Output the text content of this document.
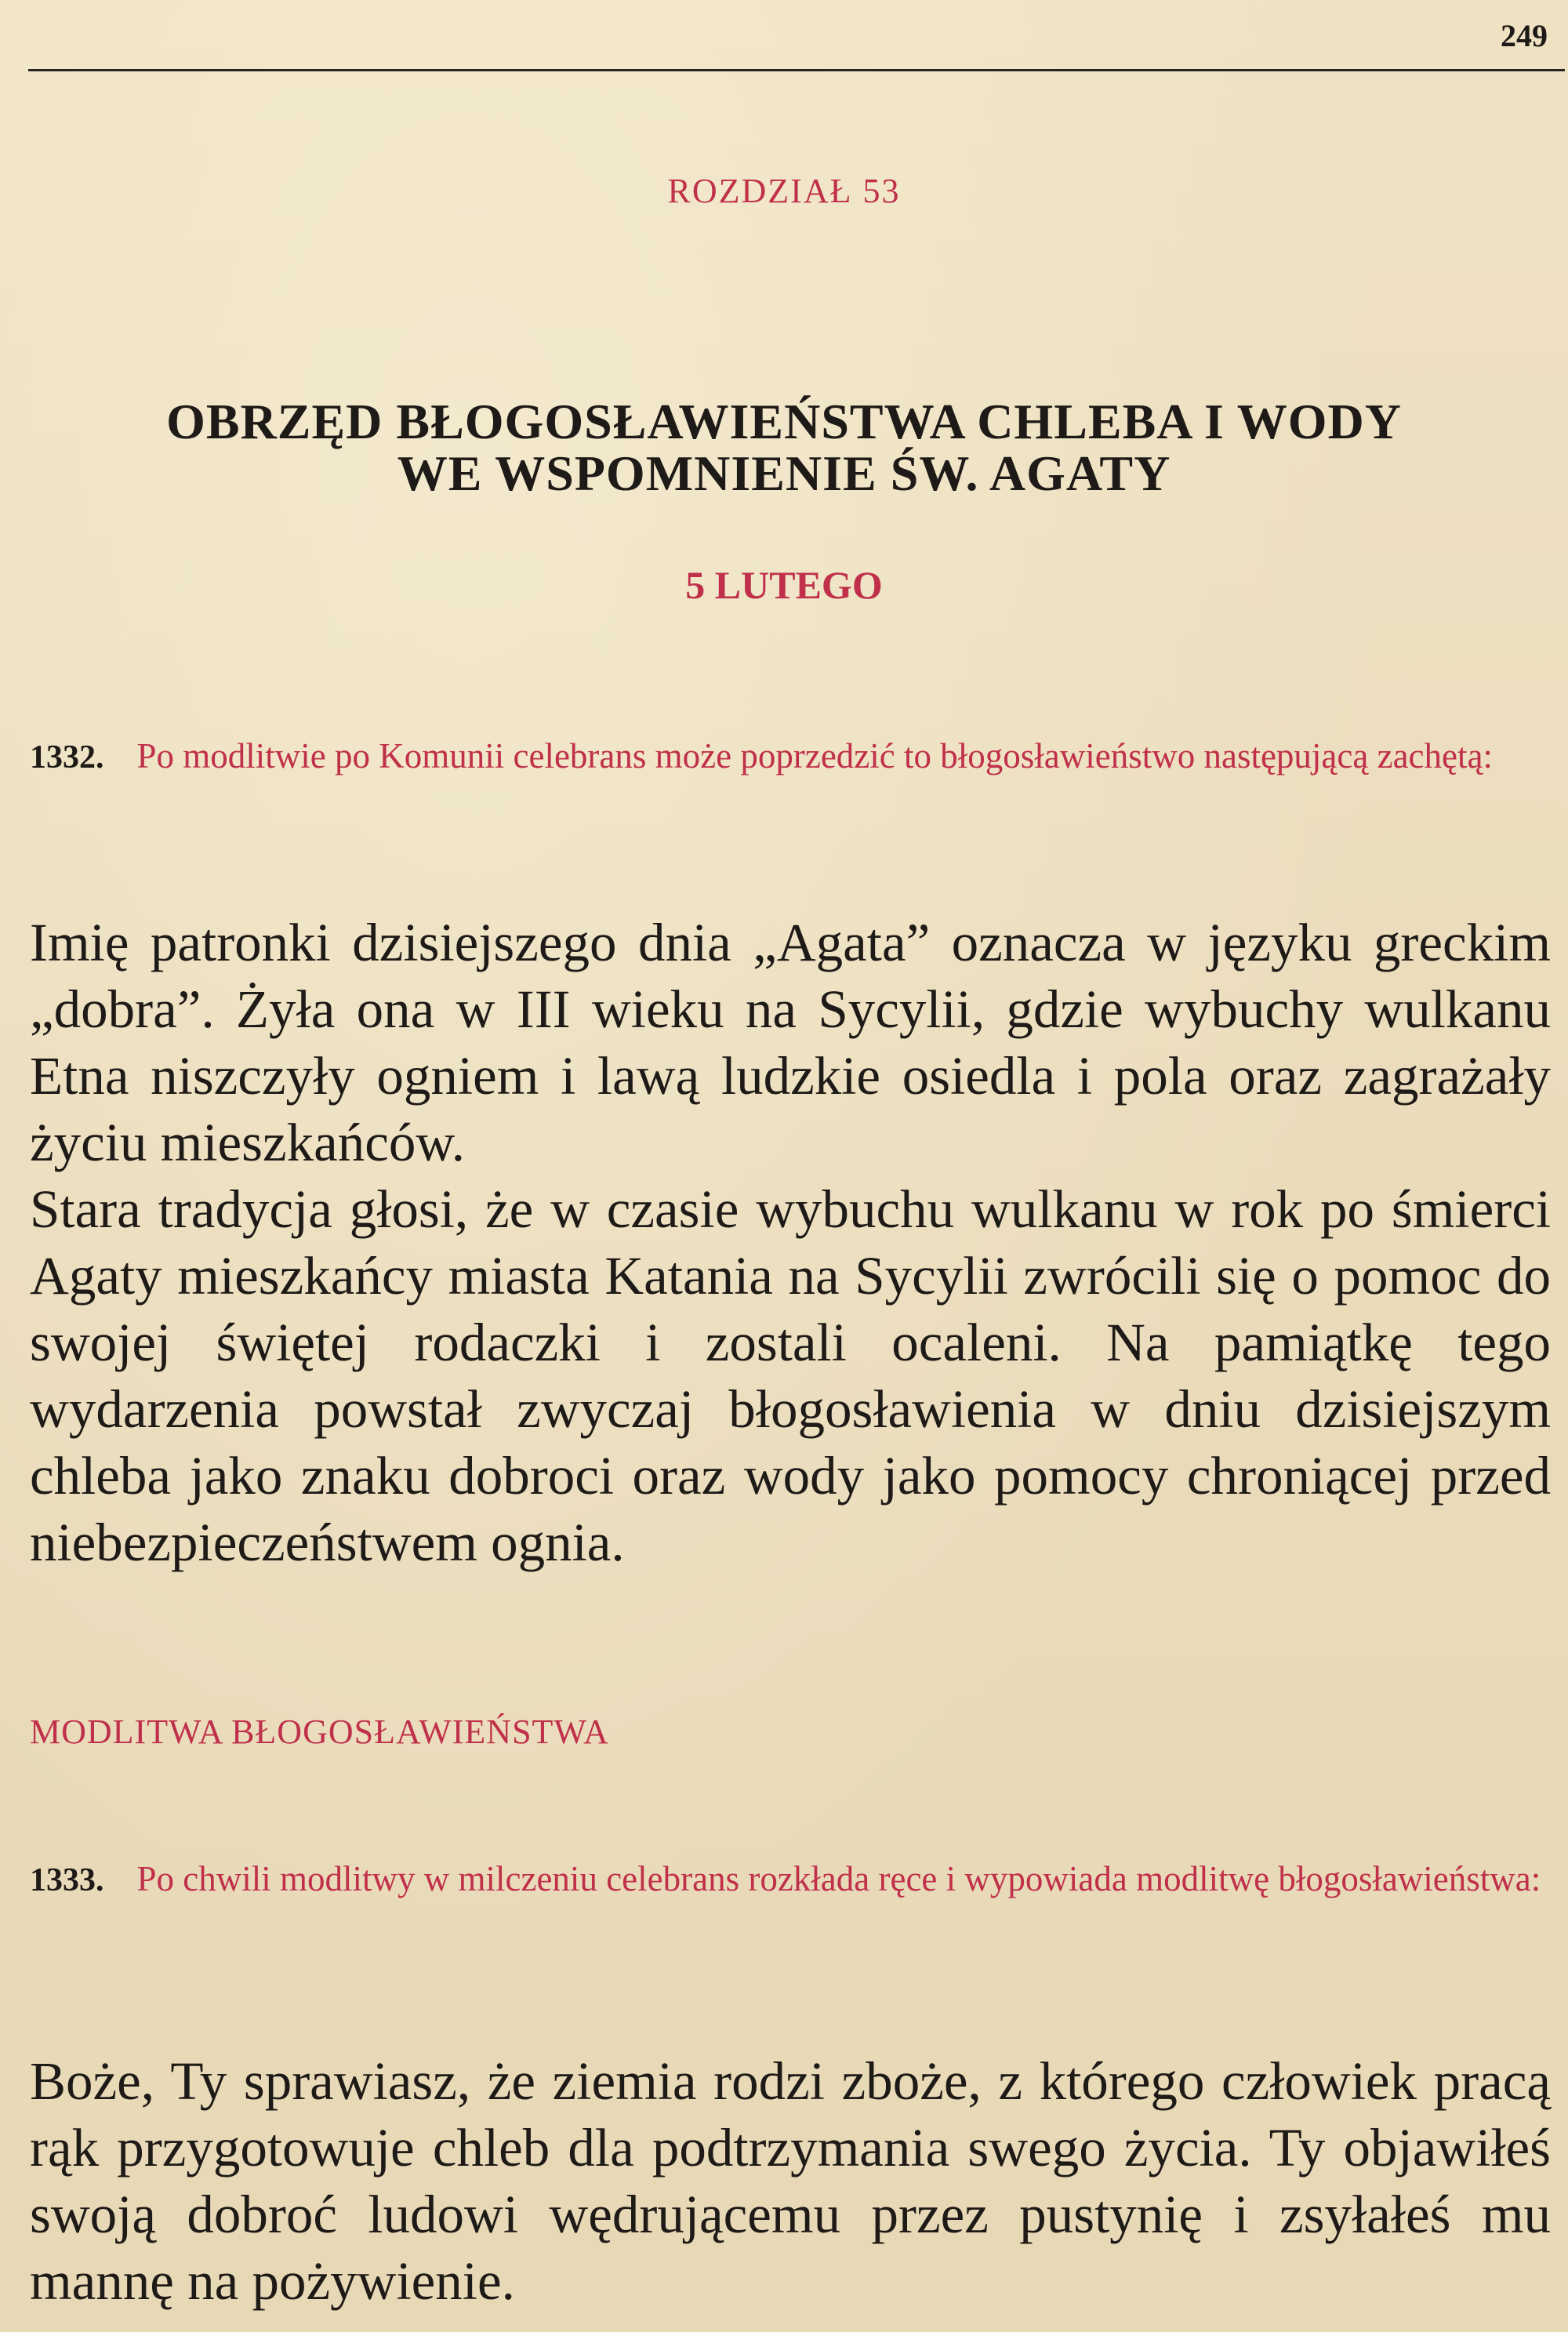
249
ROZDZIAŁ 53
OBRZĘD BŁOGOSŁAWIEŃSTWA CHLEBA I WODY
WE WSPOMNIENIE ŚW. AGATY
5 LUTEGO
1332. Po modlitwie po Komunii celebrans może poprzedzić to błogosławieństwo następującą zachętą:

Imię patronki dzisiejszego dnia „Agata” oznacza w języku greckim „dobra”. Żyła ona w III wieku na Sycylii, gdzie wybuchy wulkanu Etna niszczyły ogniem i lawą ludzkie osiedla i pola oraz zagrażały życiu mieszkańców.

Stara tradycja głosi, że w czasie wybuchu wulkanu w rok po śmierci Agaty mieszkańcy miasta Katania na Sycylii zwrócili się o pomoc do swojej świętej rodaczki i zostali ocaleni. Na pamiątkę tego wydarzenia powstał zwyczaj błogosławienia w dniu dzisiejszym chleba jako znaku dobroci oraz wody jako pomocy chroniącej przed niebezpieczeństwem ognia.

MODLITWA BŁOGOSŁAWIEŃSTWA
1333. Po chwili modlitwy w milczeniu celebrans rozkłada ręce i wypowiada modlitwę błogosławieństwa:

Boże, Ty sprawiasz, że ziemia rodzi zboże, z którego człowiek pracą rąk przygotowuje chleb dla podtrzymania swego życia. Ty objawiłeś swoją dobroć ludowi wędrującemu przez pustynię i zsyłałeś mu mannę na pożywienie.
